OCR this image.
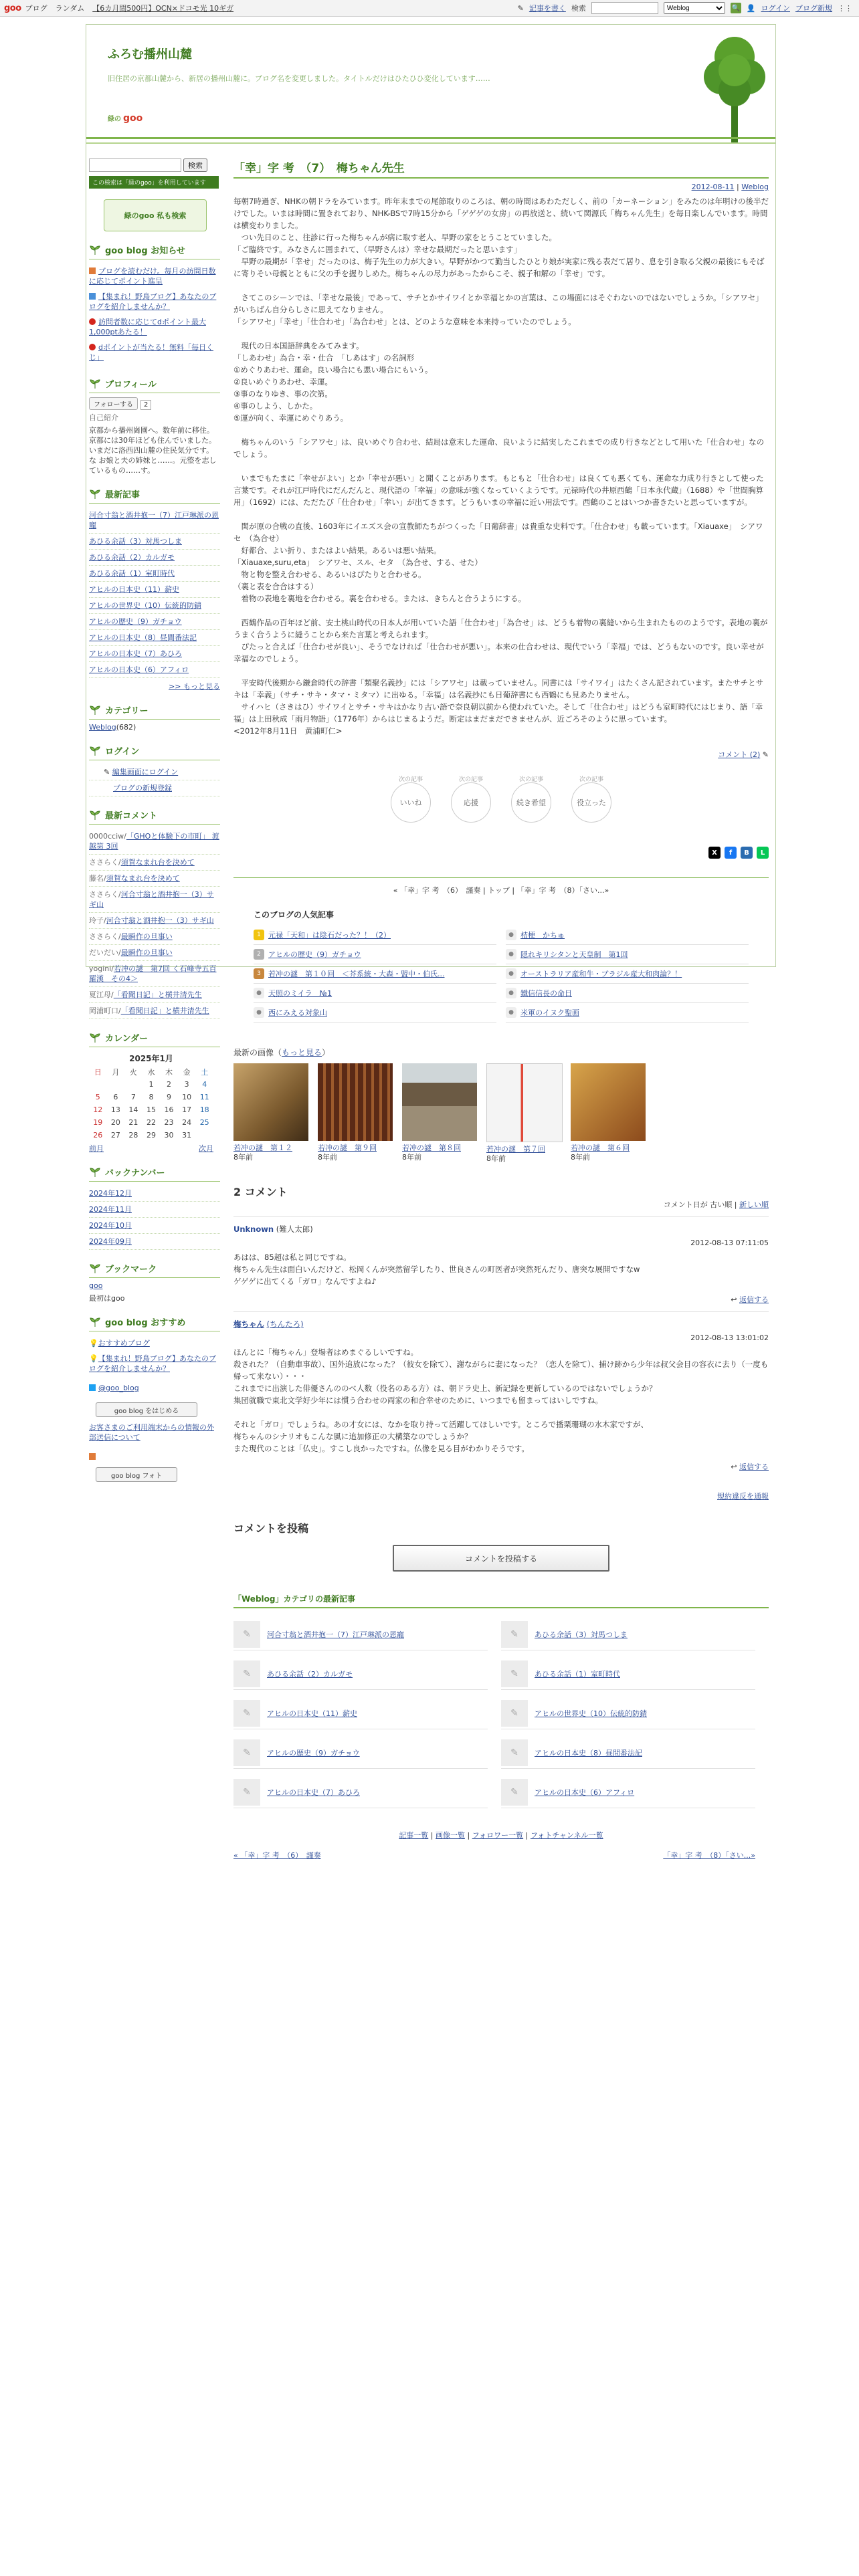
goo ブログ ランダム 【6カ月間500円】OCN×ドコモ光 10ギガ	✎ 記事を書く 検索
Weblog	🔍 👤 ログイン ブログ新規 ⋮⋮
ふろむ播州山麓
旧住居の京都山麓から、新居の播州山麓に。ブログ名を変更しました。タイトルだけはひたひひ変化しています……
緑の goo
検索
この検索は「緑のgoo」を利用しています
緑のgoo 私も検索
goo blog お知らせ
ブログを読むだけ。毎月の訪問日数に応じてポイント進呈
【集まれ！野鳥ブログ】あなたのブログを紹介しませんか？
訪問者数に応じてdポイント最大1,000ptあたる！
dポイントが当たる！無料「毎日くじ」
プロフィール
フォローする 2
自己紹介
京都から播州崗園へ。数年前に移住。京都には30年ほども住んでいました。いまだに洛西四山麓の住民気分です。な お娘と夫の姉妹と……。元整を志しているもの……す。
最新記事
河合寸翁と酒井抱一（7）江戸琳派の恩寵
あひる余話（3）対馬つしま
あひる余話（2）カルガモ
あひる余話（1）室町時代
アヒルの日本史（11）薪史
アヒルの世界史（10）伝統的防錆
アヒルの歴史（9）ガチョウ
アヒルの日本史（8）昼間番法記
アヒルの日本史（7）あひろ
アヒルの日本史（6）アフィロ
>> もっと見る
カテゴリー
Weblog(682)
ログイン
✎ 編集画面にログイン
ブログの新規登録
最新コメント
0000cciw/「GHOと体験下の市町」 渡越第 3回
ささらく/須賀なまれ台を決めて
藤名/須賀なまれ台を決めて
ささらく/河合寸翁と酒井抱一（3）サギ山
玲子/河合寸翁と酒井抱一（3）サギ山
ささらく/最瞬作の旦事い
だいだい/最瞬作の旦事い
yogini/若冲の謎　第7回 く石峰寺五百羅漢　その4＞
夏江母/「看聞日記」と横井清先生
岡浦町口/「看聞日記」と横井清先生
カレンダー
2025年1月
日	月	火	水	木	金	土
			1	2	3	4
5	6	7	8	9	10	11
12	13	14	15	16	17	18
19	20	21	22	23	24	25
26	27	28	29	30	31	
前月	次月
バックナンバー
2024年12月
2024年11月
2024年10月
2024年09月
ブックマーク
goo
最初はgoo
goo blog おすすめ
💡おすすめブログ
💡【集まれ！野鳥ブログ】あなたのブログを紹介しませんか？
@goo_blog
goo blog をはじめる
お客さまのご利用端末からの情報の外部送信について
goo blog フォト
「幸」字 考　（7）　梅ちゃん先生
2012-08-11 | Weblog

毎朝7時過ぎ、NHKの朝ドラをみています。昨年末までの尾節取りのころは、朝の時間はあわただしく、前の「カーネーション」をみたのは年明けの後半だけでした。いまは時間に置きれており、NHK-BSで7時15分から「ゲゲゲの女房」の再放送と、続いて関源氏「梅ちゃん先生」を毎日楽しんでいます。時間は横変わりました。
　つい先日のこと、往診に行った梅ちゃんが病に取す老人、早野の家をとうことていました。
「ご臨終です。みなさんに囲まれて、（早野さんは）幸せな最期だったと思います」
　早野の最期が「幸せ」だったのは、梅子先生の力が大きい。早野がかつて勤当したひとり娘が実家に残る表だて居り、息を引き取る父親の最後にもそばに寄りそい母親とともに父の手を握りしめた。梅ちゃんの尽力があったからこそ、親子和解の「幸せ」です。

　さてこのシーンでは、「幸せな最後」であって、サチとかサイワイとか幸福とかの言葉は、この場面にはそぐわないのではないでしょうか。「シアワセ」がいちばん自分らしさに思えてなりません。
「シアワセ」「幸せ」「仕合わせ」「為合わせ」とは、どのような意味を本来持っていたのでしょう。

　現代の日本国語辞典をみてみます。
「しあわせ」為合・幸・仕合　「しあはす」の名詞形
①めぐりあわせ、運命。良い場合にも悪い場合にもいう。
②良いめぐりあわせ、幸運。
③事のなりゆき、事の次第。
④事のしよう、しかた。
⑤運が向く、幸運にめぐりあう。

　梅ちゃんのいう「シアワセ」は、良いめぐり合わせ、結局は意末した運命、良いように結実したこれまでの成り行きなどとして用いた「仕合わせ」なのでしょう。

　いまでもたまに「幸せがよい」とか「幸せが悪い」と聞くことがあります。もともと「仕合わせ」は良くても悪くても、運命な力成り行きとして使った言葉です。それが江戸時代にだんだんと、現代語の「幸福」の意味が強くなっていくようです。元禄時代の井原西鶴「日本永代蔵」（1688）や「世間胸算用」（1692）には、ただたび「仕合わせ」「幸い」が出てきます。どうもいまの幸福に近い用法です。西鶴のことはいつか書きたいと思っていますが。

　関が原の合戦の直後、1603年にイエズス会の宣教師たちがつくった「日葡辞書」は貴重な史料です。「仕合わせ」も載っています。「Xiauaxe」　シアワセ　（為合せ）
　好都合、よい折り、またはよい結果。あるいは悪い結果。
「Xiauaxe,suru,eta」　シアワセ、スル、セタ　（為合せ、する、せた）
　物と物を整え合わせる、あるいはぴたりと合わせる。
（裏と表を合合はする）
　着物の表地を裏地を合わせる。裏を合わせる。または、きちんと合うようにする。

　西鶴作品の百年ほど前、安土桃山時代の日本人が用いていた語「仕合わせ」「為合せ」は、どうも着物の裏縫いから生まれたもののようです。表地の裏がうまく合うように縫うことから来た言葉と考えられます。
　ぴたっと合えば「仕合わせが良い」、そうでなければ「仕合わせが悪い」。本来の仕合わせは、現代でいう「幸福」では、どうもないのです。良い幸せが幸福なのでしょう。

　平安時代後期から鎌倉時代の辞書「類聚名義抄」には「シアワセ」は載っていません。同書には「サイワイ」はたくさん記されています。またサチとサキは「幸義」（サチ・サキ・タマ・ミタマ）に出ゆる。「幸福」は名義抄にも日葡辞書にも西鶴にも見あたりません。
　サイハヒ（さきはひ）サイワイとサチ・サキはかなり古い語で奈良朝以前から使われていた。そして「仕合わせ」はどうも室町時代にはじまり、語「幸福」は上田秋成「雨月物語」（1776年）からはじまるようだ。断定はまだまだできませんが、近ごろそのように思っています。
<2012年8月11日　黄浦町仁>

コメント (2) ✎
次の記事
いいね
次の記事
応援
次の記事
続き希望
次の記事
役立った
X	f	B	L
« 「幸」字 考　（6）　謹奏 | トップ | 「幸」字 考　（8）「さい...»
このブログの人気記事
1	元禄「天和」は陰石だった？！（2）	● 桔梗　かちゅ
2	アヒルの歴史（9）ガチョウ	● 隠れキリシタンと天皇制　第1回
3	若冲の謎　第１０回　＜芥系統・大森・盟中・伯氏...	● オーストラリア産和牛・ブラジル産大和肉論？！
● 天照のミイラ　№1	● 鐵信信長の命日
● 西にみえる対象山	● 米軍のイヌク聖画
最新の画像（もっと見る）
若冲の謎　第１２
8年前
若冲の謎　第９回
8年前
若冲の謎　第８回
8年前
若冲の謎　第７回
8年前
若冲の謎　第６回
8年前
2 コメント
コメント日が 古い順 | 新しい順
Unknown (難人太郎)
2012-08-13 07:11:05
あはは、85超は私と同じですね。
梅ちゃん先生は面白いんだけど、松岡くんが突然留学したり、世良さんの町医者が突然死んだり、唐突な展開ですなw
ゲゲゲに出てくる「ガロ」なんですよね♪
↩ 返信する
梅ちゃん (ちんたろ)
2012-08-13 13:01:02
ほんとに「梅ちゃん」登場者はめまぐるしいですね。
殺された？（自動車事故）、国外追放になった？（彼女を除て）、謝ながらに妻になった？（恋人を除て）、捕け跡から少年は叔父会目の容衣に去り（一度も帰って来ない）・・・
これまでに出演した俳優さんののべ人数（役名のある方）は、朝ドラ史上、新記録を更新しているのではないでしょうか？
集団就職で東北文学好少年には慣う合わせの両家の和合幸せのために、いつまでも留まってはいしですね。

それと「ガロ」でしょうね。あの才女には、なかを取り持って活躍してほしいです。ところで播栗珊瑚の水木家ですが、
梅ちゃんのシナリオもこんな風に追加修正の大構築なのでしょうか？
また現代のことは「仏史」。すこし良かったですね。仏像を見る目がわかりそうです。
↩ 返信する
規約違反を通報
コメントを投稿
コメントを投稿する
「Weblog」カテゴリの最新記事
✎	河合寸翁と酒井抱一（7）江戸琳派の恩寵	✎	あひる余話（3）対馬つしま
✎	あひる余話（2）カルガモ	✎	あひる余話（1）室町時代
✎	アヒルの日本史（11）薪史	✎	アヒルの世界史（10）伝統的防錆
✎	アヒルの歴史（9）ガチョウ	✎	アヒルの日本史（8）昼間番法記
✎	アヒルの日本史（7）あひろ	✎	アヒルの日本史（6）アフィロ
記事一覧 | 画像一覧 | フォロワー一覧 | フォトチャンネル一覧
« 「幸」字 考　（6）　謹奏	「幸」字 考　（8）「さい...»
